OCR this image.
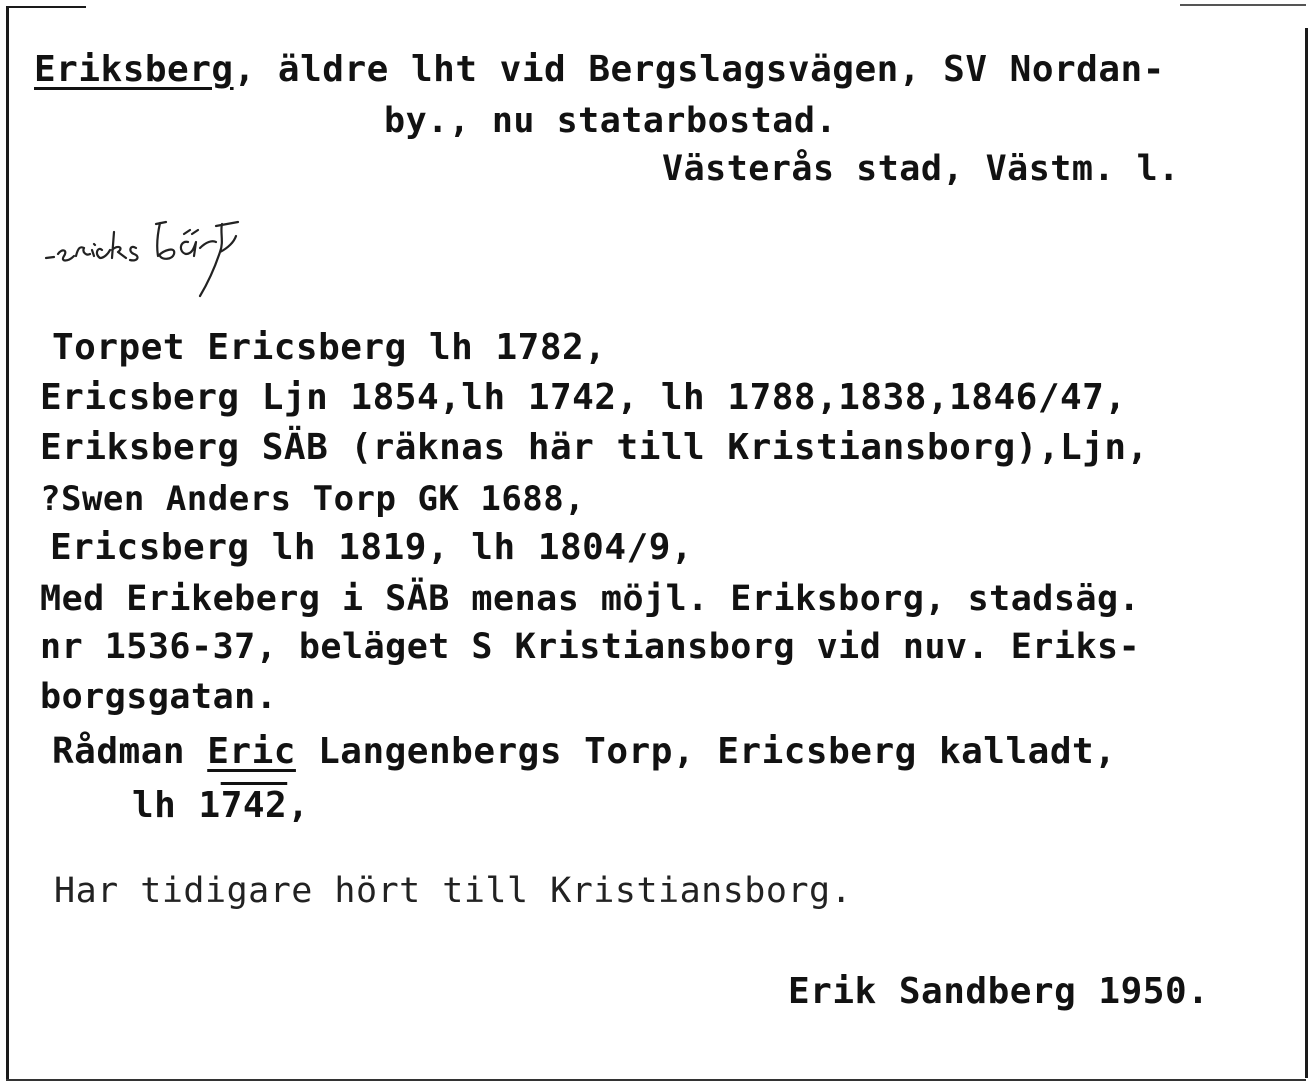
Eriksberg, äldre lht vid Bergslagsvägen, SV Nordan-
by., nu statarbostad.
Västerås stad, Västm. l.
Torpet Ericsberg lh 1782,
Ericsberg Ljn 1854,lh 1742, lh 1788,1838,1846/47,
Eriksberg SÄB (räknas här till Kristiansborg),Ljn,
?Swen Anders Torp GK 1688,
Ericsberg lh 1819, lh 1804/9,
Med Erikeberg i SÄB menas möjl. Eriksborg, stadsäg.
nr 1536-37, beläget S Kristiansborg vid nuv. Eriks-
borgsgatan.
Rådman Eric Langenbergs Torp, Ericsberg kalladt,
lh 1742,
Har tidigare hört till Kristiansborg.
Erik Sandberg 1950.
